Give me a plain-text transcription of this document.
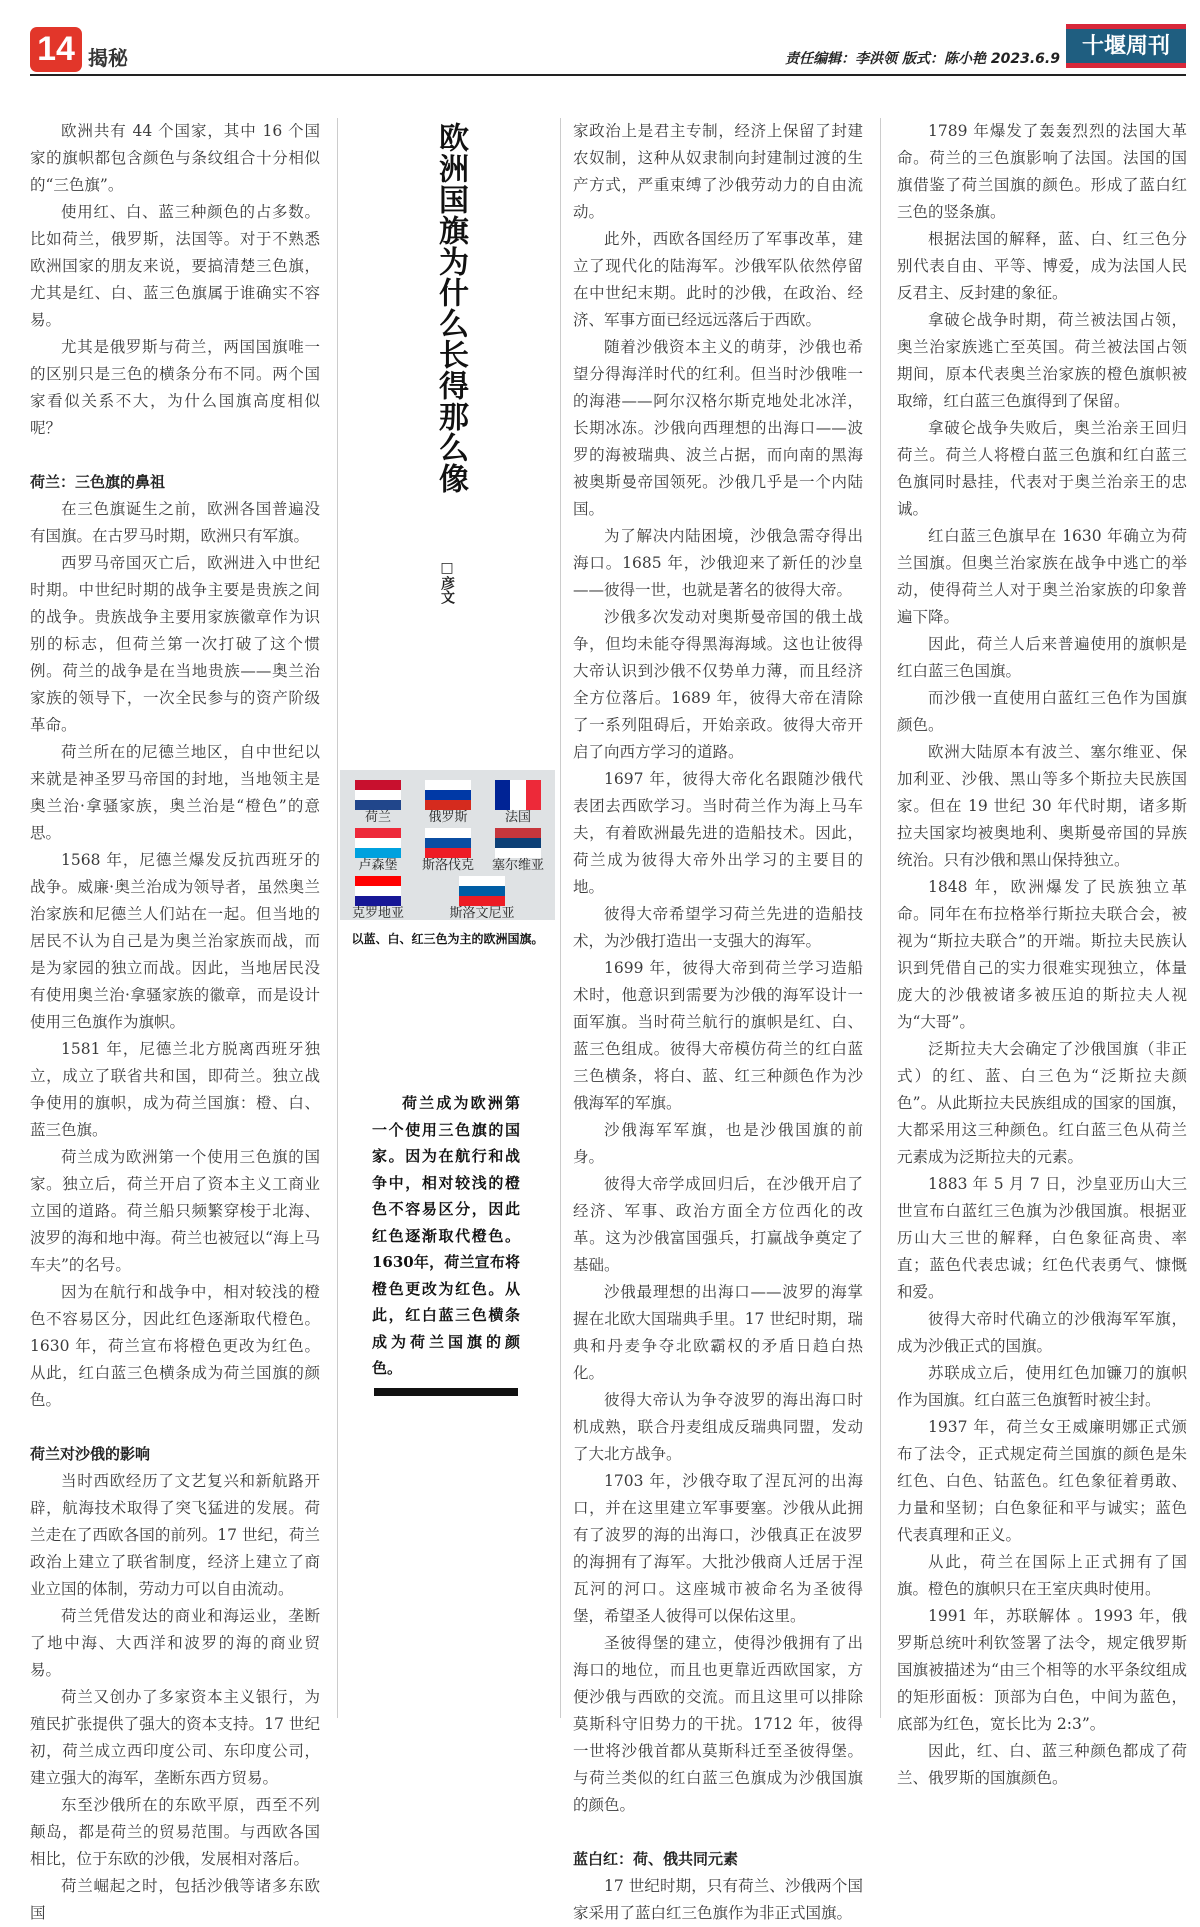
14 揭秘	责任编辑：李洪领 版式：陈小艳 2023.6.9 十堰周刊

欧洲共有 44 个国家，其中 16 个国家的旗帜都包含颜色与条纹组合十分相似的“三色旗”。

使用红、白、蓝三种颜色的占多数。比如荷兰，俄罗斯，法国等。对于不熟悉欧洲国家的朋友来说，要搞清楚三色旗，尤其是红、白、蓝三色旗属于谁确实不容易。

尤其是俄罗斯与荷兰，两国国旗唯一的区别只是三色的横条分布不同。两个国家看似关系不大，为什么国旗高度相似呢？

荷兰：三色旗的鼻祖

在三色旗诞生之前，欧洲各国普遍没有国旗。在古罗马时期，欧洲只有军旗。

西罗马帝国灭亡后，欧洲进入中世纪时期。中世纪时期的战争主要是贵族之间的战争。贵族战争主要用家族徽章作为识别的标志，但荷兰第一次打破了这个惯例。荷兰的战争是在当地贵族——奥兰治家族的领导下，一次全民参与的资产阶级革命。

荷兰所在的尼德兰地区，自中世纪以来就是神圣罗马帝国的封地，当地领主是奥兰治·拿骚家族，奥兰治是“橙色”的意思。

1568 年，尼德兰爆发反抗西班牙的战争。威廉·奥兰治成为领导者，虽然奥兰治家族和尼德兰人们站在一起。但当地的居民不认为自己是为奥兰治家族而战，而是为家园的独立而战。因此，当地居民没有使用奥兰治·拿骚家族的徽章，而是设计使用三色旗作为旗帜。

1581 年，尼德兰北方脱离西班牙独立，成立了联省共和国，即荷兰。独立战争使用的旗帜，成为荷兰国旗：橙、白、蓝三色旗。

荷兰成为欧洲第一个使用三色旗的国家。独立后，荷兰开启了资本主义工商业立国的道路。荷兰船只频繁穿梭于北海、波罗的海和地中海。荷兰也被冠以“海上马车夫”的名号。

因为在航行和战争中，相对较浅的橙色不容易区分，因此红色逐渐取代橙色。1630 年，荷兰宣布将橙色更改为红色。从此，红白蓝三色横条成为荷兰国旗的颜色。

荷兰对沙俄的影响

当时西欧经历了文艺复兴和新航路开辟，航海技术取得了突飞猛进的发展。荷兰走在了西欧各国的前列。17 世纪，荷兰政治上建立了联省制度，经济上建立了商业立国的体制，劳动力可以自由流动。

荷兰凭借发达的商业和海运业，垄断了地中海、大西洋和波罗的海的商业贸易。

荷兰又创办了多家资本主义银行，为殖民扩张提供了强大的资本支持。17 世纪初，荷兰成立西印度公司、东印度公司，建立强大的海军，垄断东西方贸易。

东至沙俄所在的东欧平原，西至不列颠岛，都是荷兰的贸易范围。与西欧各国相比，位于东欧的沙俄，发展相对落后。

荷兰崛起之时，包括沙俄等诸多东欧国

家政治上是君主专制，经济上保留了封建农奴制，这种从奴隶制向封建制过渡的生产方式，严重束缚了沙俄劳动力的自由流动。

此外，西欧各国经历了军事改革，建立了现代化的陆海军。沙俄军队依然停留在中世纪末期。此时的沙俄，在政治、经济、军事方面已经远远落后于西欧。

随着沙俄资本主义的萌芽，沙俄也希望分得海洋时代的红利。但当时沙俄唯一的海港——阿尔汉格尔斯克地处北冰洋，长期冰冻。沙俄向西理想的出海口——波罗的海被瑞典、波兰占据，而向南的黑海被奥斯曼帝国领死。沙俄几乎是一个内陆国。

为了解决内陆困境，沙俄急需夺得出海口。1685 年，沙俄迎来了新任的沙皇——彼得一世，也就是著名的彼得大帝。

沙俄多次发动对奥斯曼帝国的俄土战争，但均未能夺得黑海海域。这也让彼得大帝认识到沙俄不仅势单力薄，而且经济全方位落后。1689 年，彼得大帝在清除了一系列阻碍后，开始亲政。彼得大帝开启了向西方学习的道路。

1697 年，彼得大帝化名跟随沙俄代表团去西欧学习。当时荷兰作为海上马车夫，有着欧洲最先进的造船技术。因此，荷兰成为彼得大帝外出学习的主要目的地。

彼得大帝希望学习荷兰先进的造船技术，为沙俄打造出一支强大的海军。

1699 年，彼得大帝到荷兰学习造船术时，他意识到需要为沙俄的海军设计一面军旗。当时荷兰航行的旗帜是红、白、蓝三色组成。彼得大帝模仿荷兰的红白蓝三色横条，将白、蓝、红三种颜色作为沙俄海军的军旗。

沙俄海军军旗，也是沙俄国旗的前身。

彼得大帝学成回归后，在沙俄开启了经济、军事、政治方面全方位西化的改革。这为沙俄富国强兵，打赢战争奠定了基础。

沙俄最理想的出海口——波罗的海掌握在北欧大国瑞典手里。17 世纪时期，瑞典和丹麦争夺北欧霸权的矛盾日趋白热化。

彼得大帝认为争夺波罗的海出海口时机成熟，联合丹麦组成反瑞典同盟，发动了大北方战争。

1703 年，沙俄夺取了涅瓦河的出海口，并在这里建立军事要塞。沙俄从此拥有了波罗的海的出海口，沙俄真正在波罗的海拥有了海军。大批沙俄商人迁居于涅瓦河的河口。这座城市被命名为圣彼得堡，希望圣人彼得可以保佑这里。

圣彼得堡的建立，使得沙俄拥有了出海口的地位，而且也更靠近西欧国家，方便沙俄与西欧的交流。而且这里可以排除莫斯科守旧势力的干扰。1712 年，彼得一世将沙俄首都从莫斯科迁至圣彼得堡。与荷兰类似的红白蓝三色旗成为沙俄国旗的颜色。

蓝白红：荷、俄共同元素

17 世纪时期，只有荷兰、沙俄两个国家采用了蓝白红三色旗作为非正式国旗。

1789 年爆发了轰轰烈烈的法国大革命。荷兰的三色旗影响了法国。法国的国旗借鉴了荷兰国旗的颜色。形成了蓝白红三色的竖条旗。

根据法国的解释，蓝、白、红三色分别代表自由、平等、博爱，成为法国人民反君主、反封建的象征。

拿破仑战争时期，荷兰被法国占领，奥兰治家族逃亡至英国。荷兰被法国占领期间，原本代表奥兰治家族的橙色旗帜被取缔，红白蓝三色旗得到了保留。

拿破仑战争失败后，奥兰治亲王回归荷兰。荷兰人将橙白蓝三色旗和红白蓝三色旗同时悬挂，代表对于奥兰治亲王的忠诚。

红白蓝三色旗早在 1630 年确立为荷兰国旗。但奥兰治家族在战争中逃亡的举动，使得荷兰人对于奥兰治家族的印象普遍下降。

因此，荷兰人后来普遍使用的旗帜是红白蓝三色国旗。

而沙俄一直使用白蓝红三色作为国旗颜色。

欧洲大陆原本有波兰、塞尔维亚、保加利亚、沙俄、黑山等多个斯拉夫民族国家。但在 19 世纪 30 年代时期，诸多斯拉夫国家均被奥地利、奥斯曼帝国的异族统治。只有沙俄和黑山保持独立。

1848 年，欧洲爆发了民族独立革命。同年在布拉格举行斯拉夫联合会，被视为“斯拉夫联合”的开端。斯拉夫民族认识到凭借自己的实力很难实现独立，体量庞大的沙俄被诸多被压迫的斯拉夫人视为“大哥”。

泛斯拉夫大会确定了沙俄国旗（非正式）的红、蓝、白三色为“泛斯拉夫颜色”。从此斯拉夫民族组成的国家的国旗，大都采用这三种颜色。红白蓝三色从荷兰元素成为泛斯拉夫的元素。

1883 年 5 月 7 日，沙皇亚历山大三世宣布白蓝红三色旗为沙俄国旗。根据亚历山大三世的解释，白色象征高贵、率直；蓝色代表忠诚；红色代表勇气、慷慨和爱。

彼得大帝时代确立的沙俄海军军旗，成为沙俄正式的国旗。

苏联成立后，使用红色加镰刀的旗帜作为国旗。红白蓝三色旗暂时被尘封。

1937 年，荷兰女王威廉明娜正式颁布了法令，正式规定荷兰国旗的颜色是朱红色、白色、钴蓝色。红色象征着勇敢、力量和坚韧；白色象征和平与诚实；蓝色代表真理和正义。

从此，荷兰在国际上正式拥有了国旗。橙色的旗帜只在王室庆典时使用。

1991 年，苏联解体 。1993 年，俄罗斯总统叶利钦签署了法令，规定俄罗斯国旗被描述为“由三个相等的水平条纹组成的矩形面板：顶部为白色，中间为蓝色，底部为红色，宽长比为 2:3”。

因此，红、白、蓝三种颜色都成了荷兰、俄罗斯的国旗颜色。

欧洲国旗为什么长得那么像
□彦文
荷兰	俄罗斯	法国
卢森堡	斯洛伐克	塞尔维亚
克罗地亚	斯洛文尼亚
以蓝、白、红三色为主的欧洲国旗。
荷兰成为欧洲第一个使用三色旗的国家。因为在航行和战争中，相对较浅的橙色不容易区分，因此红色逐渐取代橙色。1630年，荷兰宣布将橙色更改为红色。从此，红白蓝三色横条成为荷兰国旗的颜色。
